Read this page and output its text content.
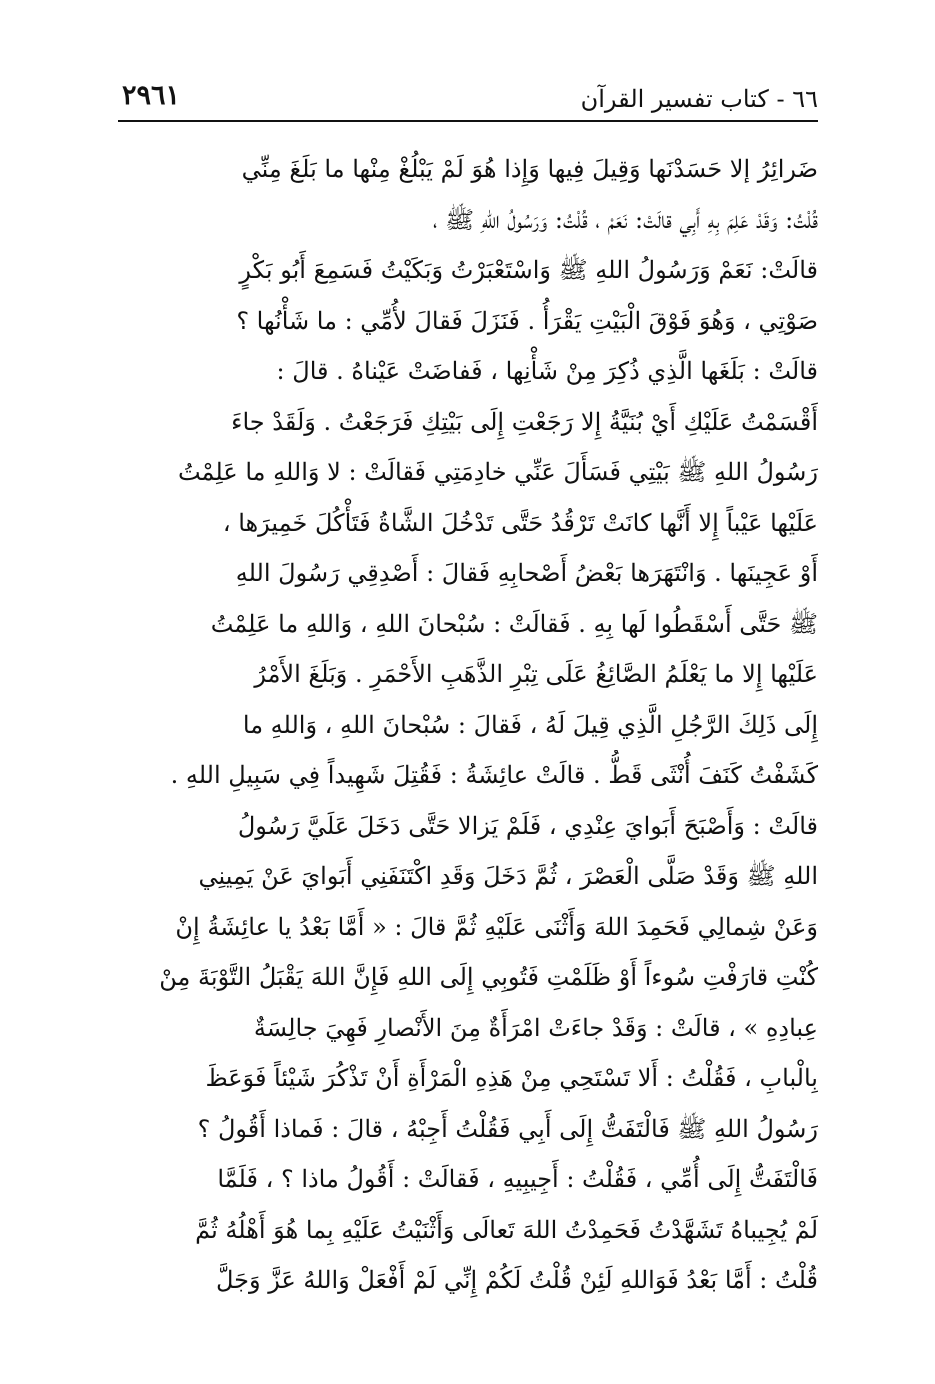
٦٦ - كتاب تفسير القرآن
٢٩٦١
ضَرائِرُ إلا حَسَدْنَها وَقِيلَ فِيها وَإِذا هُوَ لَمْ يَبْلُغْ مِنْها ما بَلَغَ مِنِّي
قُلْتُ: وَقَدْ عَلِمَ بِهِ أَبِي قالَتْ: نَعَمْ ، قُلْتُ: وَرَسُولُ اللهِ ﷺ ،
قالَتْ: نَعَمْ وَرَسُولُ اللهِ ﷺ وَاسْتَعْبَرْتُ وَبَكَيْتُ فَسَمِعَ أَبُو بَكْرٍ
صَوْتِي ، وَهُوَ فَوْقَ الْبَيْتِ يَقْرَأُ . فَنَزَلَ فَقالَ لأُمِّي : ما شَأْنُها ؟
قالَتْ : بَلَغَها الَّذِي ذُكِرَ مِنْ شَأْنِها ، فَفاضَتْ عَيْناهُ . قالَ :
أَقْسَمْتُ عَلَيْكِ أَيْ بُنَيَّةُ إِلا رَجَعْتِ إِلَى بَيْتِكِ فَرَجَعْتُ . وَلَقَدْ جاءَ
رَسُولُ اللهِ ﷺ بَيْتِي فَسَأَلَ عَنِّي خادِمَتِي فَقالَتْ : لا وَاللهِ ما عَلِمْتُ
عَلَيْها عَيْباً إِلا أَنَّها كانَتْ تَرْقُدُ حَتَّى تَدْخُلَ الشَّاةُ فَتَأْكُلَ خَمِيرَها ،
أَوْ عَجِينَها . وَانْتَهَرَها بَعْضُ أَصْحابِهِ فَقالَ : أَصْدِقِي رَسُولَ اللهِ
ﷺ حَتَّى أَسْقَطُوا لَها بِهِ . فَقالَتْ : سُبْحانَ اللهِ ، وَاللهِ ما عَلِمْتُ
عَلَيْها إِلا ما يَعْلَمُ الصَّائِغُ عَلَى تِبْرِ الذَّهَبِ الأَحْمَرِ . وَبَلَغَ الأَمْرُ
إِلَى ذَلِكَ الرَّجُلِ الَّذِي قِيلَ لَهُ ، فَقالَ : سُبْحانَ اللهِ ، وَاللهِ ما
كَشَفْتُ كَنَفَ أُنْثَى قَطُّ . قالَتْ عائِشَةُ : فَقُتِلَ شَهِيداً فِي سَبِيلِ اللهِ .
قالَتْ : وَأَصْبَحَ أَبَوايَ عِنْدِي ، فَلَمْ يَزالا حَتَّى دَخَلَ عَلَيَّ رَسُولُ
اللهِ ﷺ وَقَدْ صَلَّى الْعَصْرَ ، ثُمَّ دَخَلَ وَقَدِ اكْتَنَفَنِي أَبَوايَ عَنْ يَمِينِي
وَعَنْ شِمالِي فَحَمِدَ اللهَ وَأَثْنَى عَلَيْهِ ثُمَّ قالَ : « أَمَّا بَعْدُ يا عائِشَةُ إِنْ
كُنْتِ قارَفْتِ سُوءاً أَوْ ظَلَمْتِ فَتُوبِي إِلَى اللهِ فَإِنَّ اللهَ يَقْبَلُ التَّوْبَةَ مِنْ
عِبادِهِ » ، قالَتْ : وَقَدْ جاءَتْ امْرَأَةٌ مِنَ الأَنْصارِ فَهِيَ جالِسَةٌ
بِالْبابِ ، فَقُلْتُ : أَلا تَسْتَحِي مِنْ هَذِهِ الْمَرْأَةِ أَنْ تَذْكُرَ شَيْئاً فَوَعَظَ
رَسُولُ اللهِ ﷺ فَالْتَفَتُّ إِلَى أَبِي فَقُلْتُ أَجِبْهُ ، قالَ : فَماذا أَقُولُ ؟
فَالْتَفَتُّ إِلَى أُمِّي ، فَقُلْتُ : أَجِيبِيهِ ، فَقالَتْ : أَقُولُ ماذا ؟ ، فَلَمَّا
لَمْ يُجِيباهُ تَشَهَّدْتُ فَحَمِدْتُ اللهَ تَعالَى وَأَثْنَيْتُ عَلَيْهِ بِما هُوَ أَهْلُهُ ثُمَّ
قُلْتُ : أَمَّا بَعْدُ فَوَاللهِ لَئِنْ قُلْتُ لَكُمْ إِنِّي لَمْ أَفْعَلْ وَاللهُ عَزَّ وَجَلَّ
